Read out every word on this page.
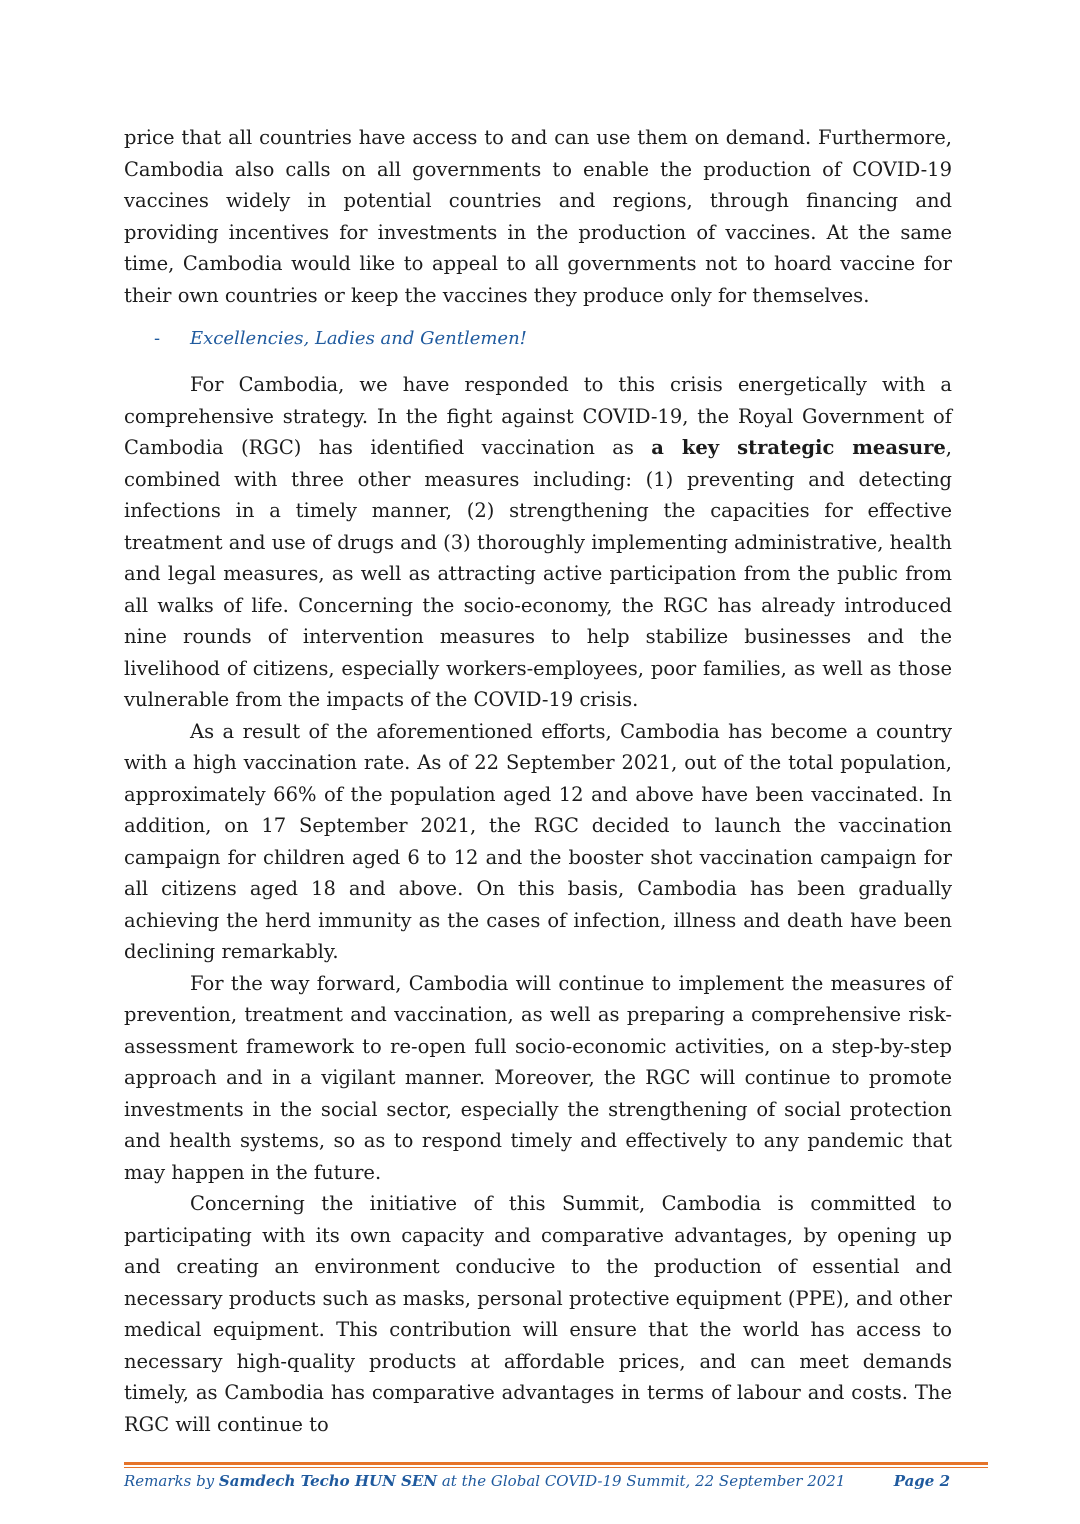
price that all countries have access to and can use them on demand. Furthermore, Cambodia also calls on all governments to enable the production of COVID-19 vaccines widely in potential countries and regions, through financing and providing incentives for investments in the production of vaccines. At the same time, Cambodia would like to appeal to all governments not to hoard vaccine for their own countries or keep the vaccines they produce only for themselves.

-	Excellencies, Ladies and Gentlemen!

For Cambodia, we have responded to this crisis energetically with a comprehensive strategy. In the fight against COVID-19, the Royal Government of Cambodia (RGC) has identified vaccination as a key strategic measure, combined with three other measures including: (1) preventing and detecting infections in a timely manner, (2) strengthening the capacities for effective treatment and use of drugs and (3) thoroughly implementing administrative, health and legal measures, as well as attracting active participation from the public from all walks of life. Concerning the socio-economy, the RGC has already introduced nine rounds of intervention measures to help stabilize businesses and the livelihood of citizens, especially workers-employees, poor families, as well as those vulnerable from the impacts of the COVID-19 crisis.

As a result of the aforementioned efforts, Cambodia has become a country with a high vaccination rate. As of 22 September 2021, out of the total population, approximately 66% of the population aged 12 and above have been vaccinated. In addition, on 17 September 2021, the RGC decided to launch the vaccination campaign for children aged 6 to 12 and the booster shot vaccination campaign for all citizens aged 18 and above. On this basis, Cambodia has been gradually achieving the herd immunity as the cases of infection, illness and death have been declining remarkably.

For the way forward, Cambodia will continue to implement the measures of prevention, treatment and vaccination, as well as preparing a comprehensive risk-assessment framework to re-open full socio-economic activities, on a step-by-step approach and in a vigilant manner. Moreover, the RGC will continue to promote investments in the social sector, especially the strengthening of social protection and health systems, so as to respond timely and effectively to any pandemic that may happen in the future.

Concerning the initiative of this Summit, Cambodia is committed to participating with its own capacity and comparative advantages, by opening up and creating an environment conducive to the production of essential and necessary products such as masks, personal protective equipment (PPE), and other medical equipment. This contribution will ensure that the world has access to necessary high-quality products at affordable prices, and can meet demands timely, as Cambodia has comparative advantages in terms of labour and costs. The RGC will continue to

Remarks by Samdech Techo HUN SEN at the Global COVID-19 Summit, 22 September 2021	Page 2
